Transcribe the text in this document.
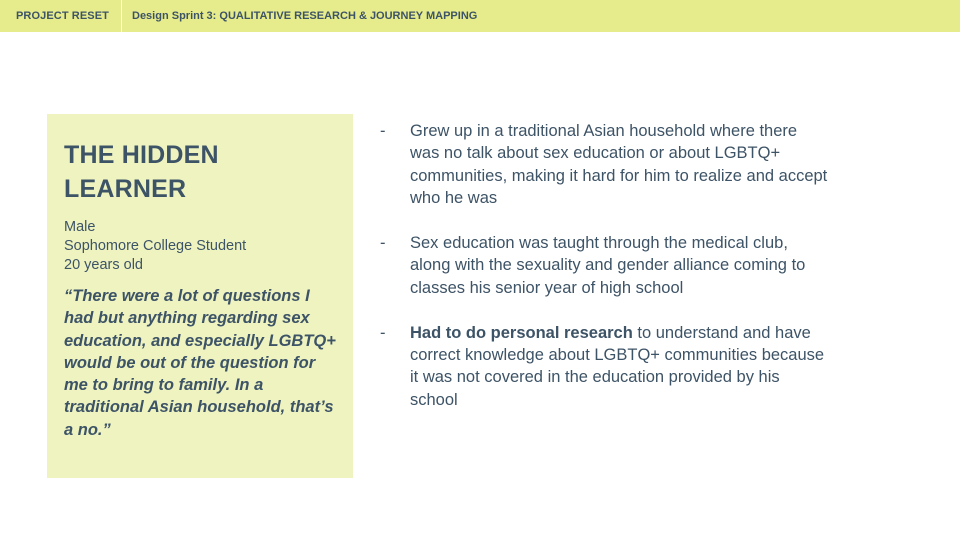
PROJECT RESET	Design Sprint 3: QUALITATIVE RESEARCH & JOURNEY MAPPING
THE HIDDEN
LEARNER
Male
Sophomore College Student
20 years old
“There were a lot of questions I had but anything regarding sex education, and especially LGBTQ+ would be out of the question for me to bring to family. In a traditional Asian household, that’s a no.”
- Grew up in a traditional Asian household where there was no talk about sex education or about LGBTQ+ communities, making it hard for him to realize and accept who he was
- Sex education was taught through the medical club, along with the sexuality and gender alliance coming to classes his senior year of high school
- Had to do personal research to understand and have correct knowledge about LGBTQ+ communities because it was not covered in the education provided by his school
